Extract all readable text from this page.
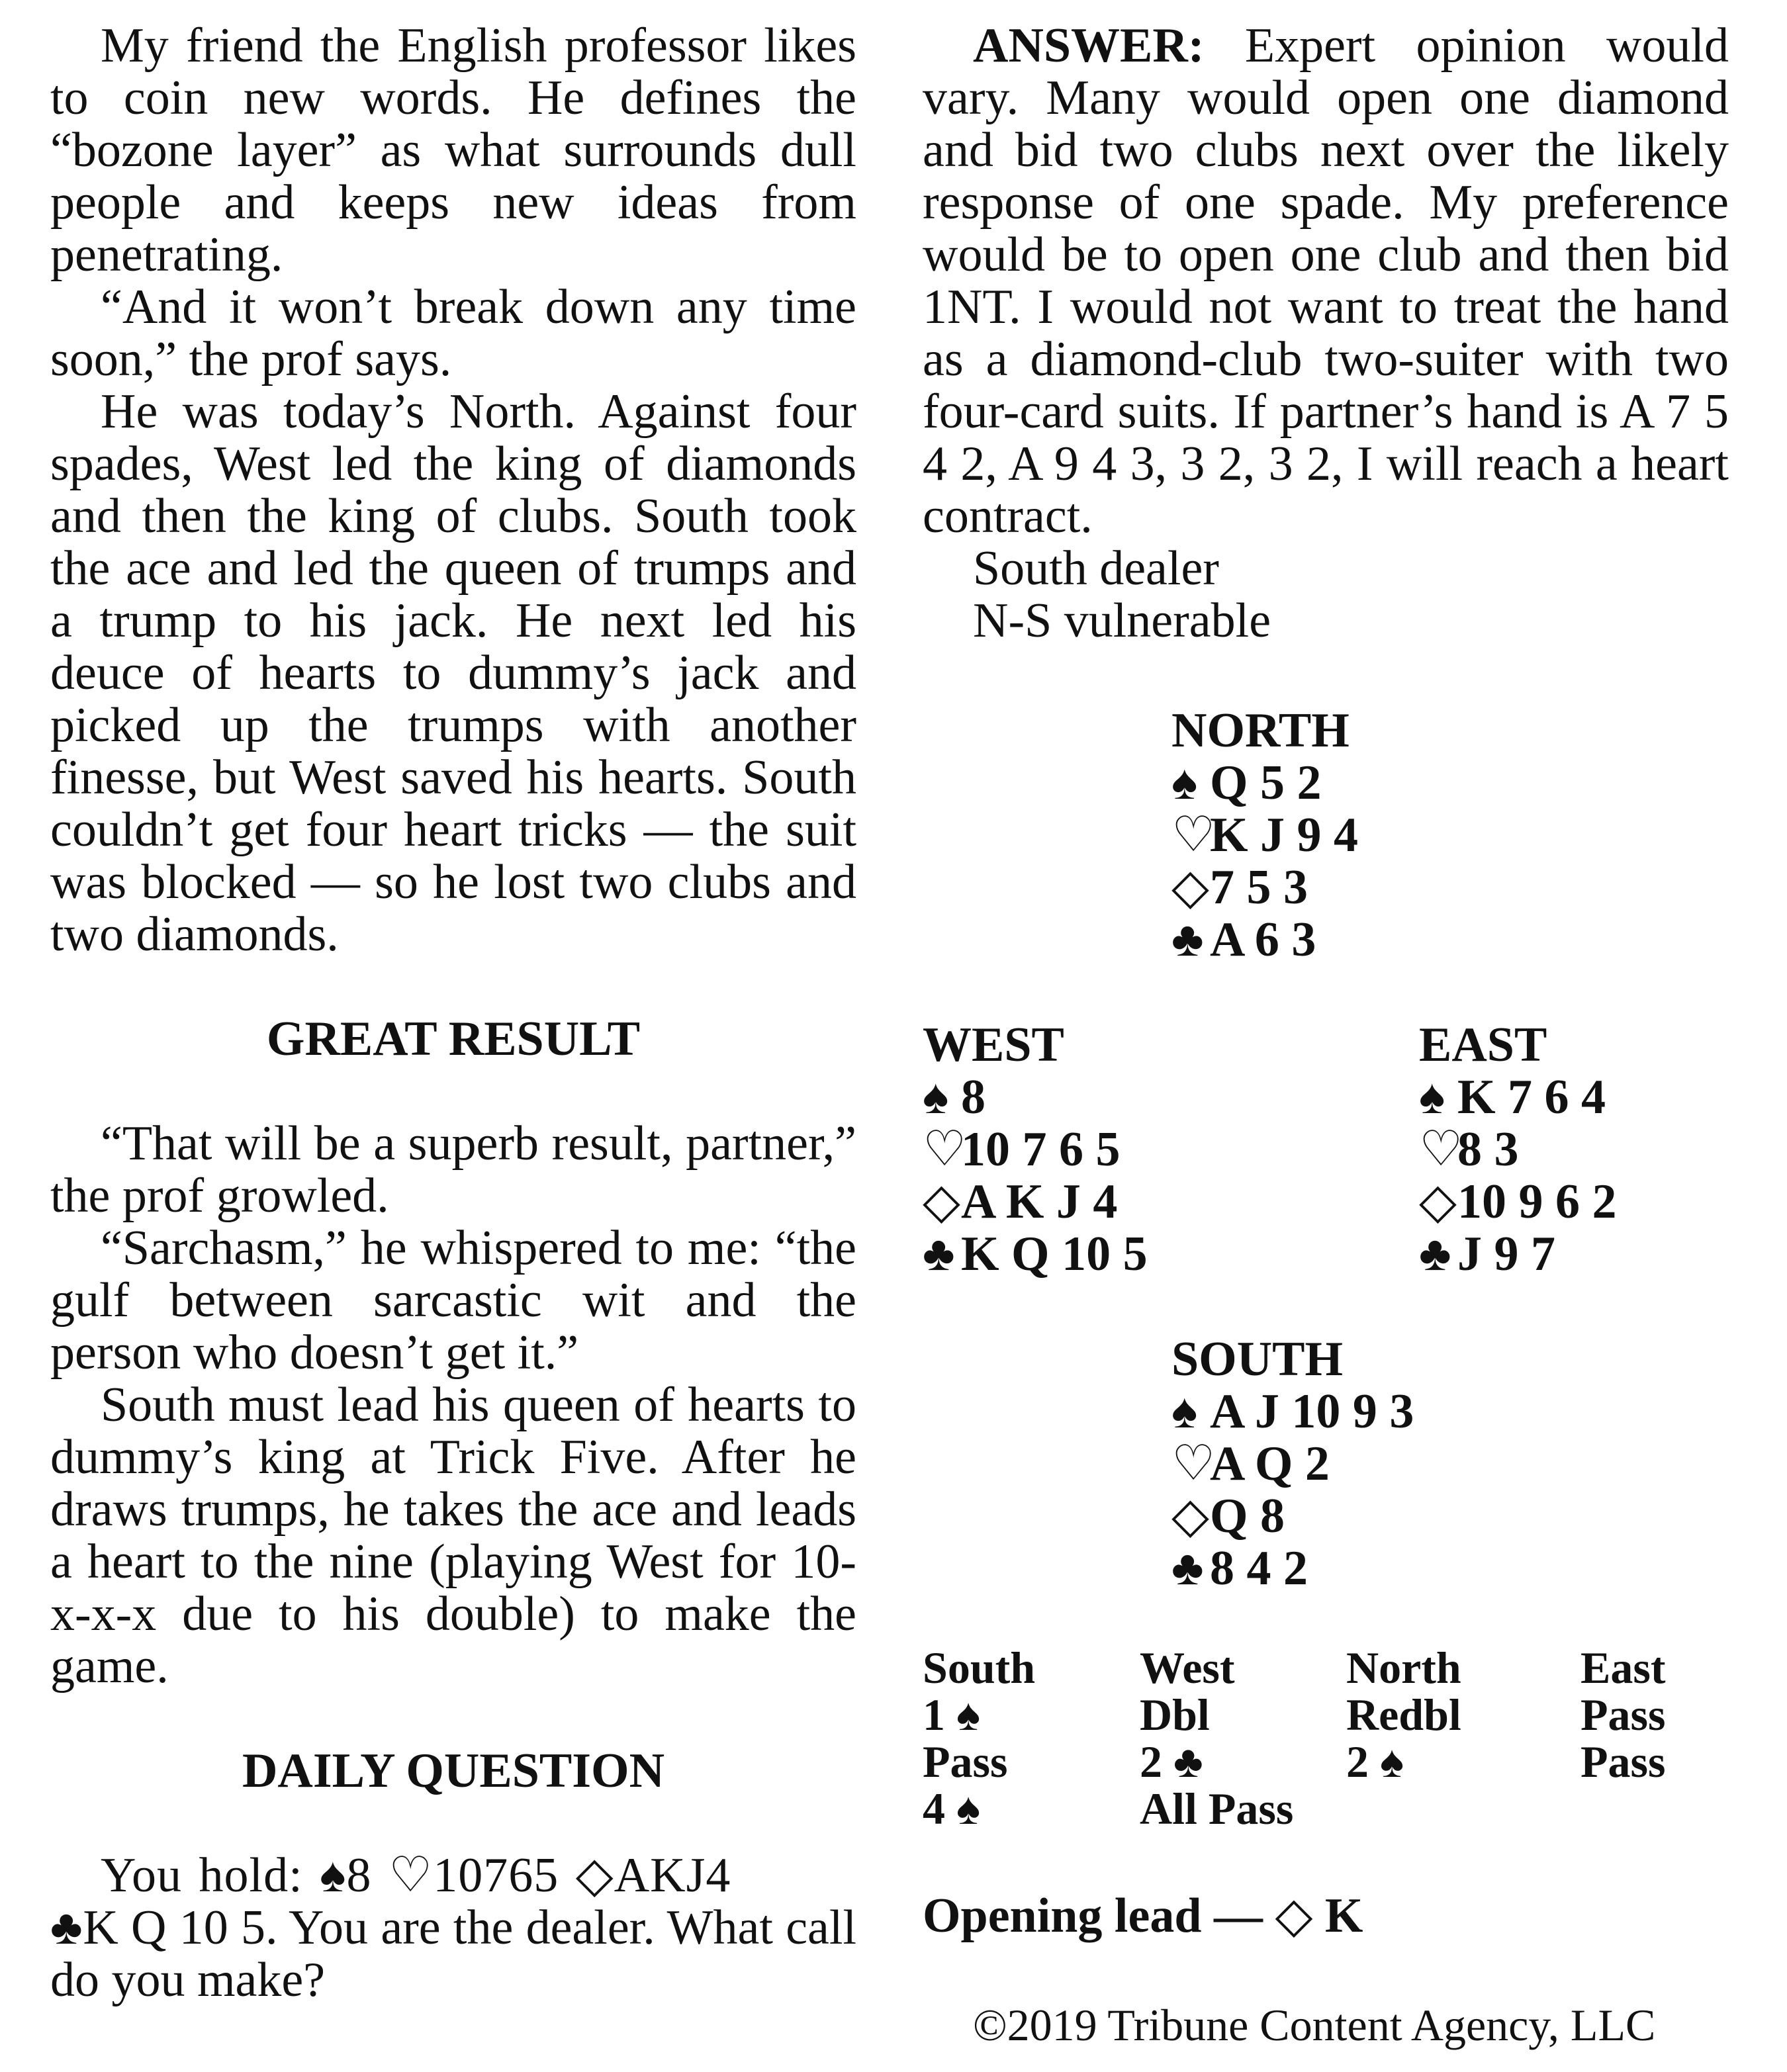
My friend the English professor likes to coin new words. He defines the “bozone layer” as what surrounds dull people and keeps new ideas from penetrating.

“And it won’t break down any time soon,” the prof says.

He was today’s North. Against four spades, West led the king of diamonds and then the king of clubs. South took the ace and led the queen of trumps and a trump to his jack. He next led his deuce of hearts to dummy’s jack and picked up the trumps with another finesse, but West saved his hearts. South couldn’t get four heart tricks — the suit was blocked — so he lost two clubs and two diamonds.

GREAT RESULT

“That will be a superb result, partner,” the prof growled.

“Sarchasm,” he whispered to me: “the gulf between sarcastic wit and the person who doesn’t get it.”

South must lead his queen of hearts to dummy’s king at Trick Five. After he draws trumps, he takes the ace and leads a heart to the nine (playing West for 10-x-x-x due to his double) to make the game.

DAILY QUESTION

You hold: ♠8 ♡10765 ◇AKJ4

♣K Q 10 5. You are the dealer. What call do you make?

ANSWER: Expert opinion would vary. Many would open one diamond and bid two clubs next over the likely response of one spade. My preference would be to open one club and then bid 1NT. I would not want to treat the hand as a diamond-club two-suiter with two four-card suits. If partner’s hand is A 7 5 4 2, A 9 4 3, 3 2, 3 2, I will reach a heart contract.

South dealer
N-S vulnerable
NORTH
♠ Q 5 2
♡K J 9 4
◇7 5 3
♣ A 6 3
WEST
♠ 8
♡10 7 6 5
◇A K J 4
♣ K Q 10 5
EAST
♠ K 7 6 4
♡8 3
◇10 9 6 2
♣ J 9 7
SOUTH
♠ A J 10 9 3
♡A Q 2
◇Q 8
♣ 8 4 2
South	West	North	East
1 ♠	Dbl	Redbl	Pass
Pass	2 ♣	2 ♠	Pass
4 ♠	All Pass
Opening lead — ◇ K
©2019 Tribune Content Agency, LLC
